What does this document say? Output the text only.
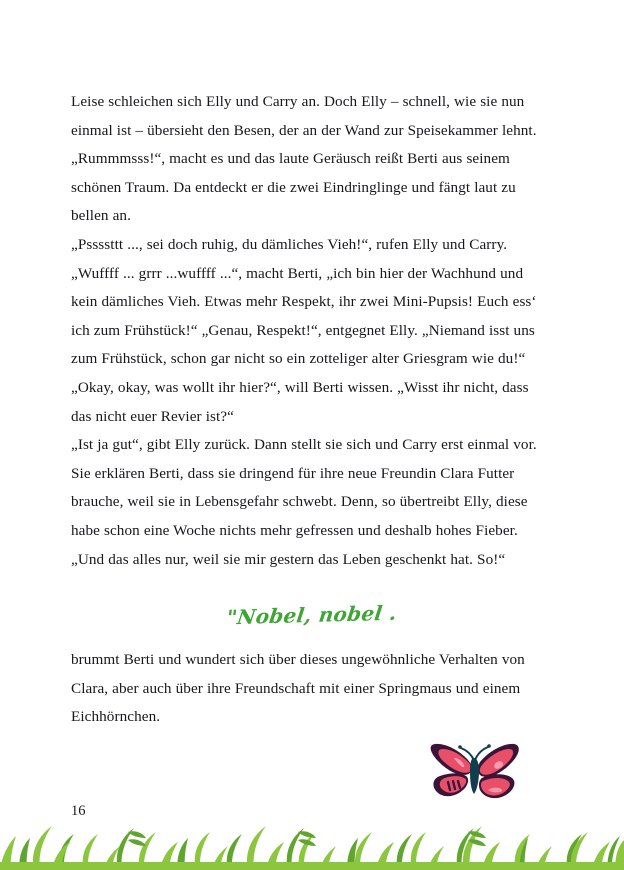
Leise schleichen sich Elly und Carry an. Doch Elly – schnell, wie sie nun einmal ist – übersieht den Besen, der an der Wand zur Speisekammer lehnt. „Rummmsss!“, macht es und das laute Geräusch reißt Berti aus seinem schönen Traum. Da entdeckt er die zwei Eindringlinge und fängt laut zu bellen an.

„Pssssttt ..., sei doch ruhig, du dämliches Vieh!“, rufen Elly und Carry.

„Wuffff ... grrr ...wuffff ...“, macht Berti, „ich bin hier der Wachhund und kein dämliches Vieh. Etwas mehr Respekt, ihr zwei Mini-Pupsis! Euch ess‘ ich zum Frühstück!“ „Genau, Respekt!“, entgegnet Elly. „Niemand isst uns zum Frühstück, schon gar nicht so ein zotteliger alter Griesgram wie du!“

„Okay, okay, was wollt ihr hier?“, will Berti wissen. „Wisst ihr nicht, dass das nicht euer Revier ist?“

„Ist ja gut“, gibt Elly zurück. Dann stellt sie sich und Carry erst einmal vor. Sie erklären Berti, dass sie dringend für ihre neue Freundin Clara Futter brauche, weil sie in Lebensgefahr schwebt. Denn, so übertreibt Elly, diese habe schon eine Woche nichts mehr gefressen und deshalb hohes Fieber. „Und das alles nur, weil sie mir gestern das Leben geschenkt hat. So!“

"Nobel, nobel .

brummt Berti und wundert sich über dieses ungewöhnliche Verhalten von Clara, aber auch über ihre Freundschaft mit einer Springmaus und einem Eichhörnchen.

16
